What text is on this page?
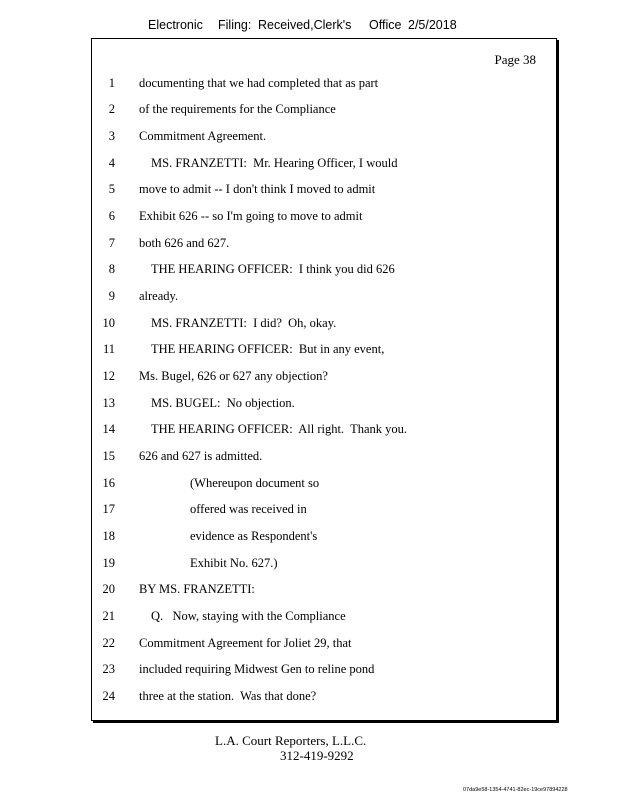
Electronic Filing: Received,Clerk's Office 2/5/2018
Page 38
1 documenting that we had completed that as part
2 of the requirements for the Compliance
3 Commitment Agreement.
4	MS. FRANZETTI:  Mr. Hearing Officer, I would
5 move to admit -- I don't think I moved to admit
6 Exhibit 626 -- so I'm going to move to admit
7 both 626 and 627.
8	THE HEARING OFFICER:  I think you did 626
9 already.
10	MS. FRANZETTI:  I did?  Oh, okay.
11	THE HEARING OFFICER:  But in any event,
12 Ms. Bugel, 626 or 627 any objection?
13	MS. BUGEL:  No objection.
14	THE HEARING OFFICER:  All right.  Thank you.
15 626 and 627 is admitted.
16	(Whereupon document so
17	offered was received in
18	evidence as Respondent's
19	Exhibit No. 627.)
20 BY MS. FRANZETTI:
21	Q.   Now, staying with the Compliance
22 Commitment Agreement for Joliet 29, that
23 included requiring Midwest Gen to reline pond
24 three at the station.  Was that done?
L.A. Court Reporters, L.L.C.
312-419-9292
07da9e58-1354-4741-82ec-19ce97894228
